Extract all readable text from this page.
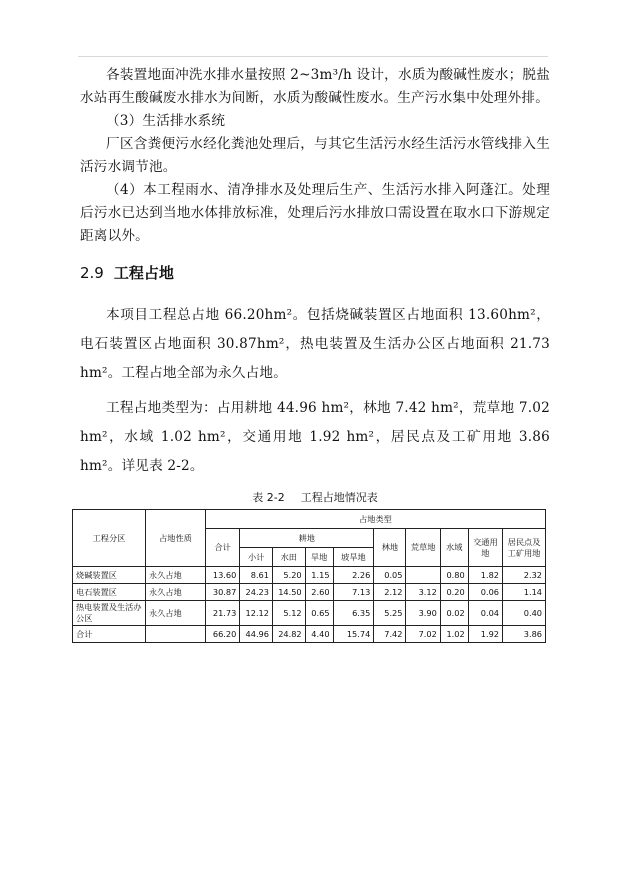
各装置地面冲洗水排水量按照 2~3m³/h 设计，水质为酸碱性废水；脱盐水站再生酸碱废水排水为间断，水质为酸碱性废水。生产污水集中处理外排。

（3）生活排水系统

厂区含粪便污水经化粪池处理后，与其它生活污水经生活污水管线排入生活污水调节池。

（4）本工程雨水、清净排水及处理后生产、生活污水排入阿蓬江。处理后污水已达到当地水体排放标准，处理后污水排放口需设置在取水口下游规定距离以外。

2.9 工程占地

本项目工程总占地 66.20hm²。包括烧碱装置区占地面积 13.60hm²，电石装置区占地面积 30.87hm²，热电装置及生活办公区占地面积 21.73 hm²。工程占地全部为永久占地。

工程占地类型为：占用耕地 44.96 hm²，林地 7.42 hm²，荒草地 7.02 hm²，水域 1.02 hm²，交通用地 1.92 hm²，居民点及工矿用地 3.86 hm²。详见表 2-2。

表 2-2 工程占地情况表
工程分区	占地性质	占地类型									
		合计	耕地				林地	荒草地	水域	交通用地	居民点及工矿用地
			小计	水田	旱地	坡旱地					
烧碱装置区	永久占地	13.60	8.61	5.20	1.15	2.26	0.05		0.80	1.82	2.32
电石装置区	永久占地	30.87	24.23	14.50	2.60	7.13	2.12	3.12	0.20	0.06	1.14
热电装置及生活办公区	永久占地	21.73	12.12	5.12	0.65	6.35	5.25	3.90	0.02	0.04	0.40
合计		66.20	44.96	24.82	4.40	15.74	7.42	7.02	1.02	1.92	3.86
